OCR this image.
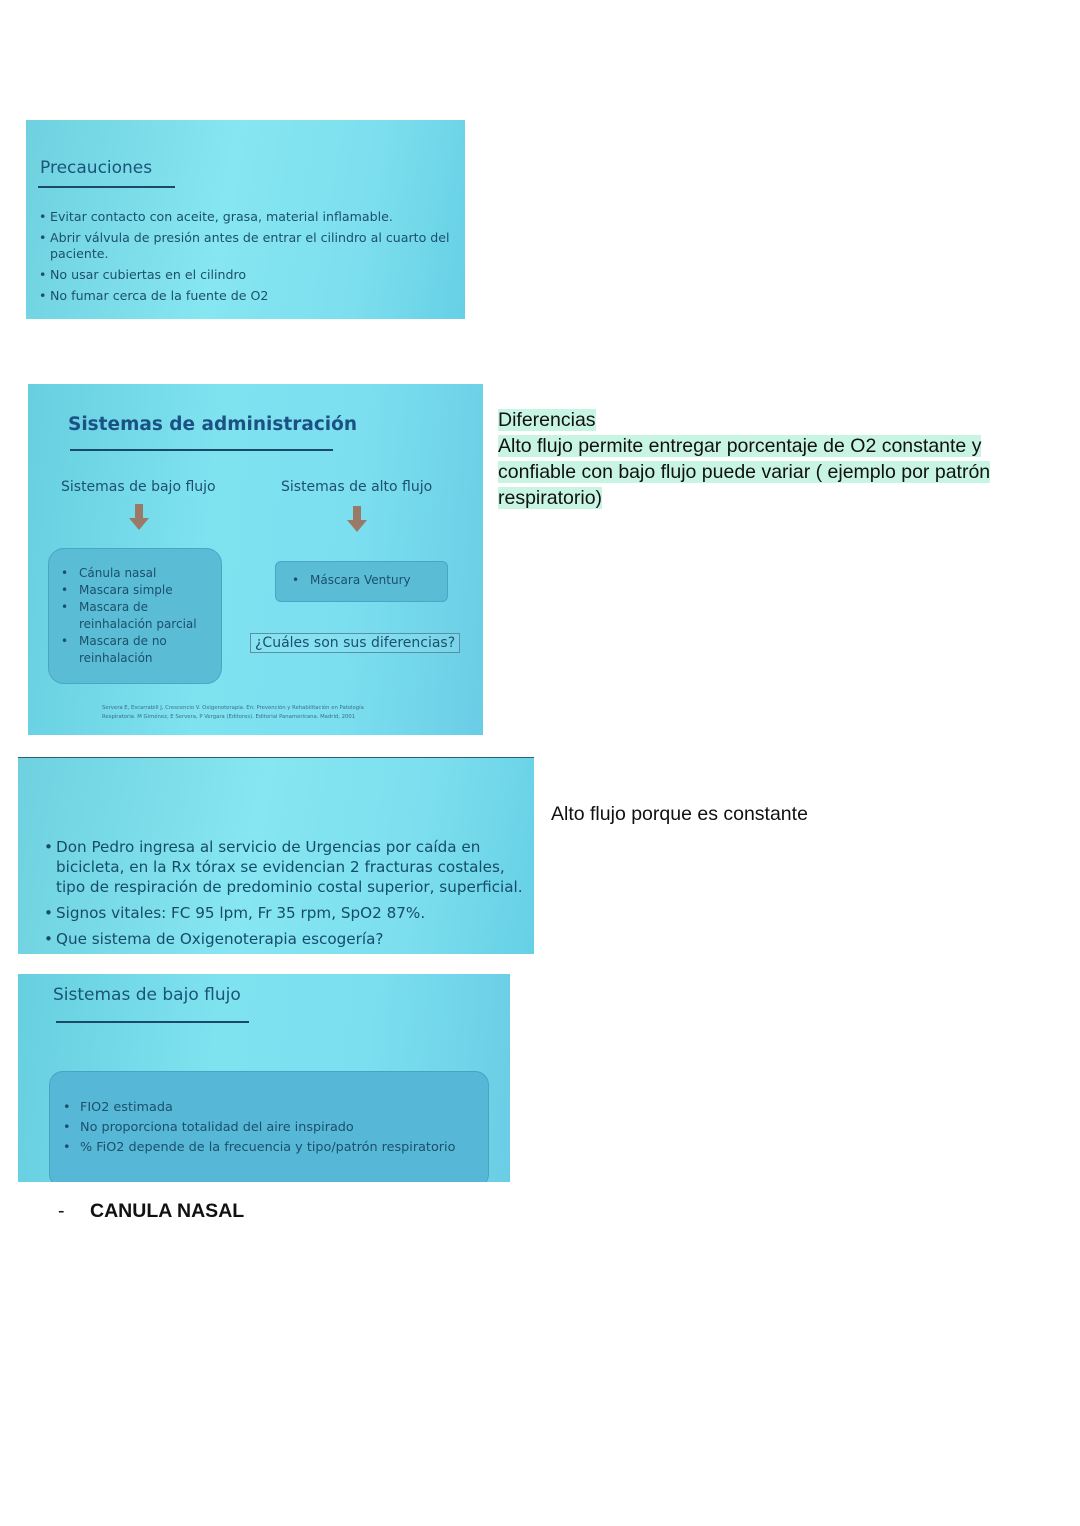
Precauciones
• Evitar contacto con aceite, grasa, material inflamable.
• Abrir válvula de presión antes de entrar el cilindro al cuarto del paciente.
• No usar cubiertas en el cilindro
• No fumar cerca de la fuente de O2
Sistemas de administración
Sistemas de bajo flujo	Sistemas de alto flujo
• Cánula nasal
• Mascara simple
• Mascara de reinhalación parcial
• Mascara de no reinhalación
• Máscara Ventury
¿Cuáles son sus diferencias?
Servera E, Escarrabill J, Crescencio V. Oxigenoterapia. En: Prevención y Rehabilitación en Patología
Respiratoria. M Giménez, E Servera, P Vergara (Editores). Editorial Panamericana. Madrid, 2001
Diferencias
Alto flujo permite entregar porcentaje de O2 constante y
confiable con bajo flujo puede variar ( ejemplo por patrón
respiratorio)
• Don Pedro ingresa al servicio de Urgencias por caída en bicicleta, en la Rx tórax se evidencian 2 fracturas costales, tipo de respiración de predominio costal superior, superficial.
• Signos vitales: FC 95 lpm, Fr 35 rpm, SpO2 87%.
• Que sistema de Oxigenoterapia escogería?
Alto flujo porque es constante
Sistemas de bajo flujo
• FIO2 estimada
• No proporciona totalidad del aire inspirado
• % FiO2 depende de la frecuencia y tipo/patrón respiratorio
- CANULA NASAL
